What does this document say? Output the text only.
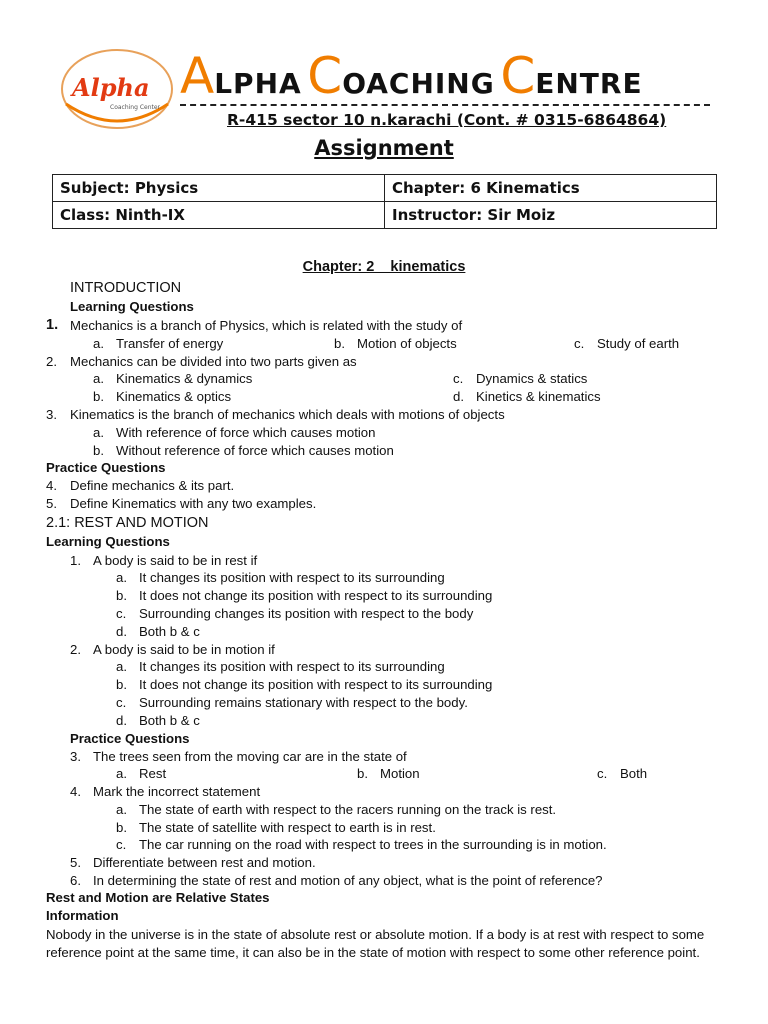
Alpha
Coaching Center
ALPHA COACHING CENTRE
R-415 sector 10 n.karachi (Cont. # 0315-6864864)
Assignment
Subject: Physics	Chapter: 6 Kinematics
Class: Ninth-IX	Instructor: Sir Moiz
Chapter: 2    kinematics
INTRODUCTION
Learning Questions
1. Mechanics is a branch of Physics, which is related with the study of
a. Transfer of energy	b. Motion of objects	c. Study of earth
2. Mechanics can be divided into two parts given as
a. Kinematics & dynamics	c. Dynamics & statics
b. Kinematics & optics	d. Kinetics & kinematics
3. Kinematics is the branch of mechanics which deals with motions of objects
a. With reference of force which causes motion
b. Without reference of force which causes motion
Practice Questions
4. Define mechanics & its part.
5. Define Kinematics with any two examples.
2.1: REST AND MOTION
Learning Questions
1. A body is said to be in rest if
a. It changes its position with respect to its surrounding
b. It does not change its position with respect to its surrounding
c. Surrounding changes its position with respect to the body
d. Both b & c
2. A body is said to be in motion if
a. It changes its position with respect to its surrounding
b. It does not change its position with respect to its surrounding
c. Surrounding remains stationary with respect to the body.
d. Both b & c
Practice Questions
3. The trees seen from the moving car are in the state of
a. Rest	b. Motion	c. Both
4. Mark the incorrect statement
a. The state of earth with respect to the racers running on the track is rest.
b. The state of satellite with respect to earth is in rest.
c. The car running on the road with respect to trees in the surrounding is in motion.
5. Differentiate between rest and motion.
6. In determining the state of rest and motion of any object, what is the point of reference?
Rest and Motion are Relative States
Information
Nobody in the universe is in the state of absolute rest or absolute motion. If a body is at rest with respect to some reference point at the same time, it can also be in the state of motion with respect to some other reference point.
